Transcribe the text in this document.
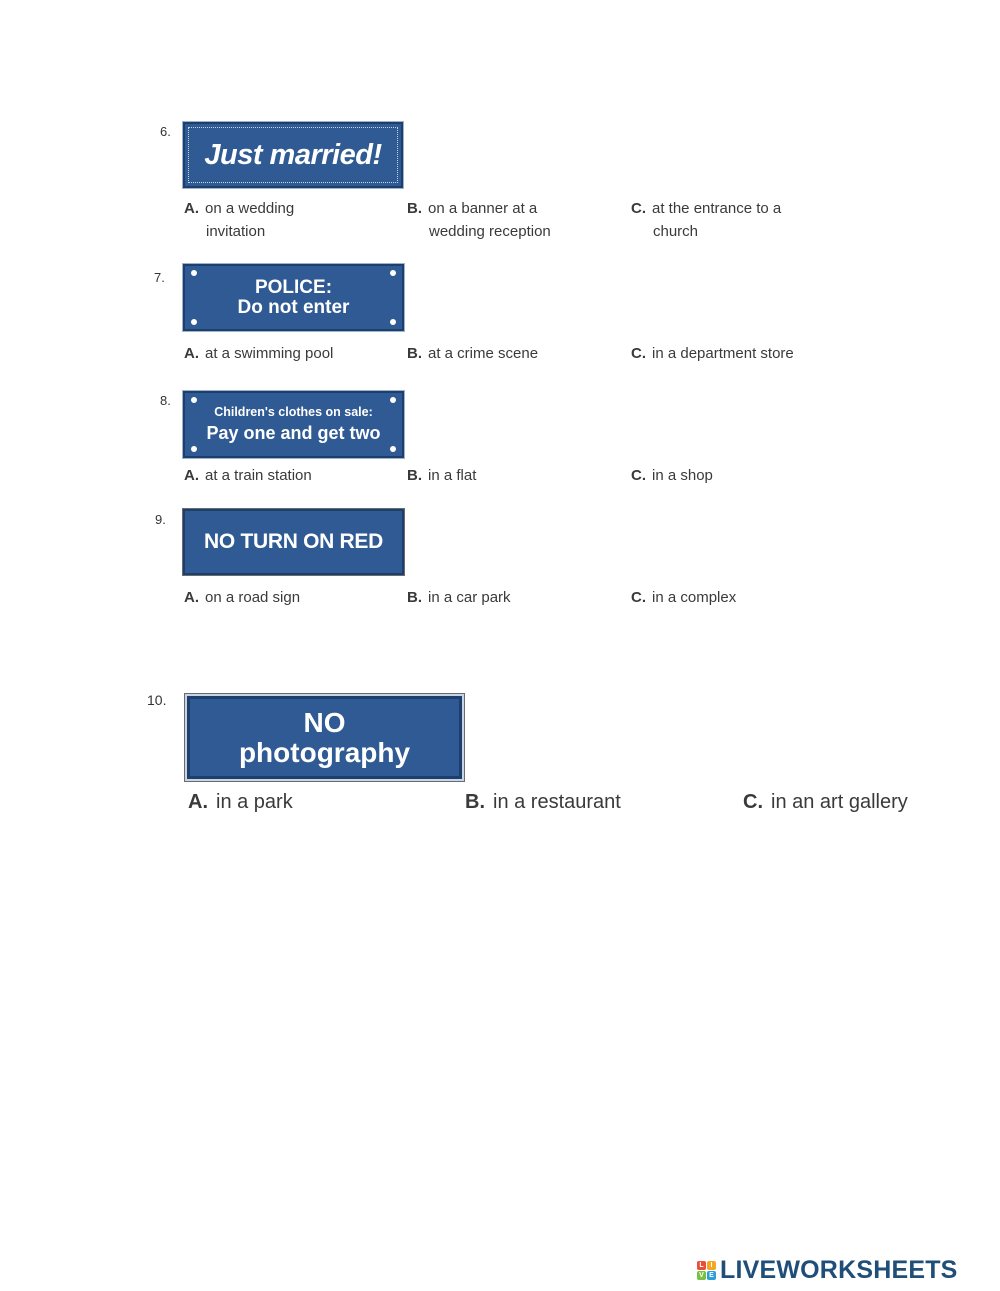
6.
Just married!
A. on a wedding
invitation
B. on a banner at a
wedding reception
C. at the entrance to a
church
7.	POLICE:
Do not enter
A. at a swimming pool	B. at a crime scene	C. in a department store
8.
Children's clothes on sale:
Pay one and get two
A. at a train station	B. in a flat	C. in a shop
9.
NO TURN ON RED
A. on a road sign	B. in a car park	C. in a complex
10.
NO
photography
A. in a park	B. in a restaurant	C. in an art gallery
L I
V E LIVEWORKSHEETS
